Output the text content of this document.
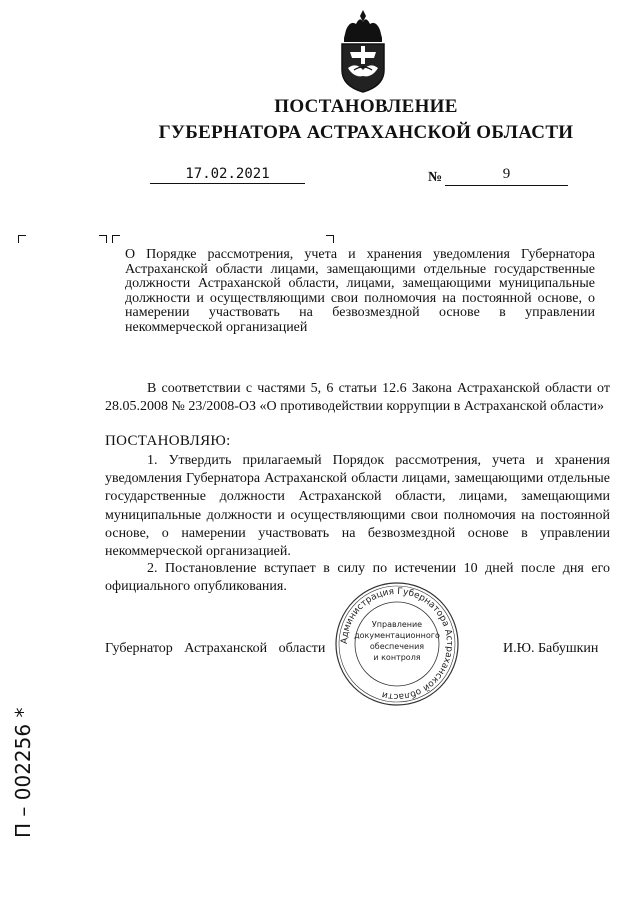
ПОСТАНОВЛЕНИЕ
ГУБЕРНАТОРА АСТРАХАНСКОЙ ОБЛАСТИ
17.02.2021	№	9
О Порядке рассмотрения, учета и хранения уведомления Губернатора Астраханской области лицами, замещающими отдельные государственные должности Астраханской области, лицами, замещающими муниципальные должности и осуществляющими свои полномочия на постоянной основе, о намерении участвовать на безвозмездной основе в управлении некоммерческой организацией
В соответствии с частями 5, 6 статьи 12.6 Закона Астраханской области от 28.05.2008 № 23/2008-ОЗ «О противодействии коррупции в Астраханской области»
ПОСТАНОВЛЯЮ:
1. Утвердить прилагаемый Порядок рассмотрения, учета и хранения уведомления Губернатора Астраханской области лицами, замещающими отдельные государственные должности Астраханской области, лицами, замещающими муниципальные должности и осуществляющими свои полномочия на постоянной основе, о намерении участвовать на безвозмездной основе в управлении некоммерческой организацией.
2. Постановление вступает в силу по истечении 10 дней после дня его официального опубликования.
Губернатор Астраханской области	И.Ю. Бабушкин
Администрация Губернатора Астраханской области
Управление
документационного
обеспечения
и контроля
П – 002256 *
